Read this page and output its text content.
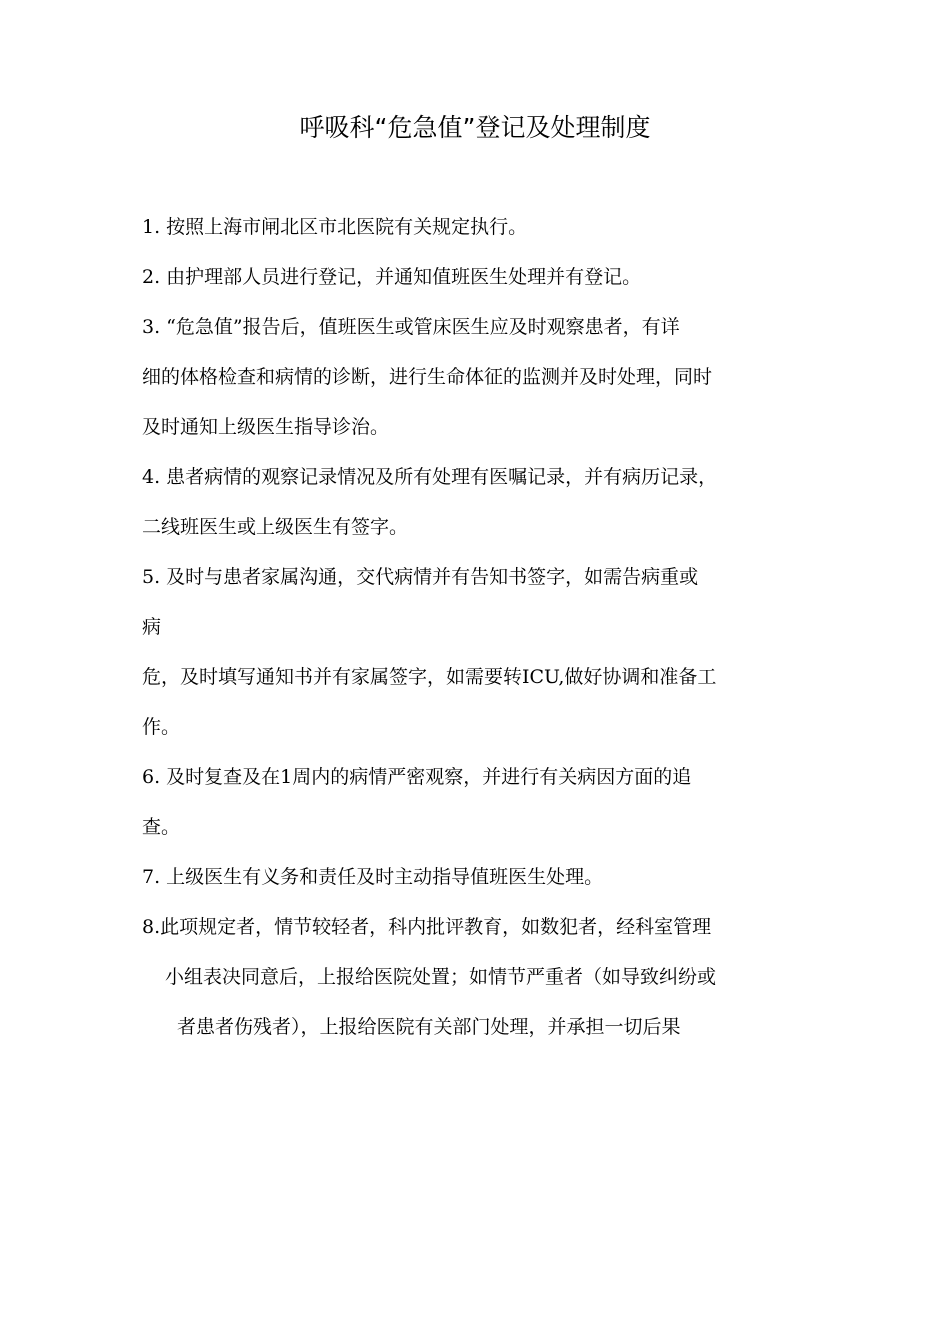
呼吸科“危急值”登记及处理制度

1. 按照上海市闸北区市北医院有关规定执行。

2. 由护理部人员进行登记，并通知值班医生处理并有登记。

3. “危急值”报告后，值班医生或管床医生应及时观察患者，有详

细的体格检查和病情的诊断，进行生命体征的监测并及时处理，同时

及时通知上级医生指导诊治。

4. 患者病情的观察记录情况及所有处理有医嘱记录，并有病历记录，

二线班医生或上级医生有签字。

5. 及时与患者家属沟通，交代病情并有告知书签字，如需告病重或

病

危，及时填写通知书并有家属签字，如需要转ICU,做好协调和准备工

作。

6. 及时复查及在1周内的病情严密观察，并进行有关病因方面的追

查。

7. 上级医生有义务和责任及时主动指导值班医生处理。

8.此项规定者，情节较轻者，科内批评教育，如数犯者，经科室管理

小组表决同意后，上报给医院处置；如情节严重者（如导致纠纷或

者患者伤残者），上报给医院有关部门处理，并承担一切后果
